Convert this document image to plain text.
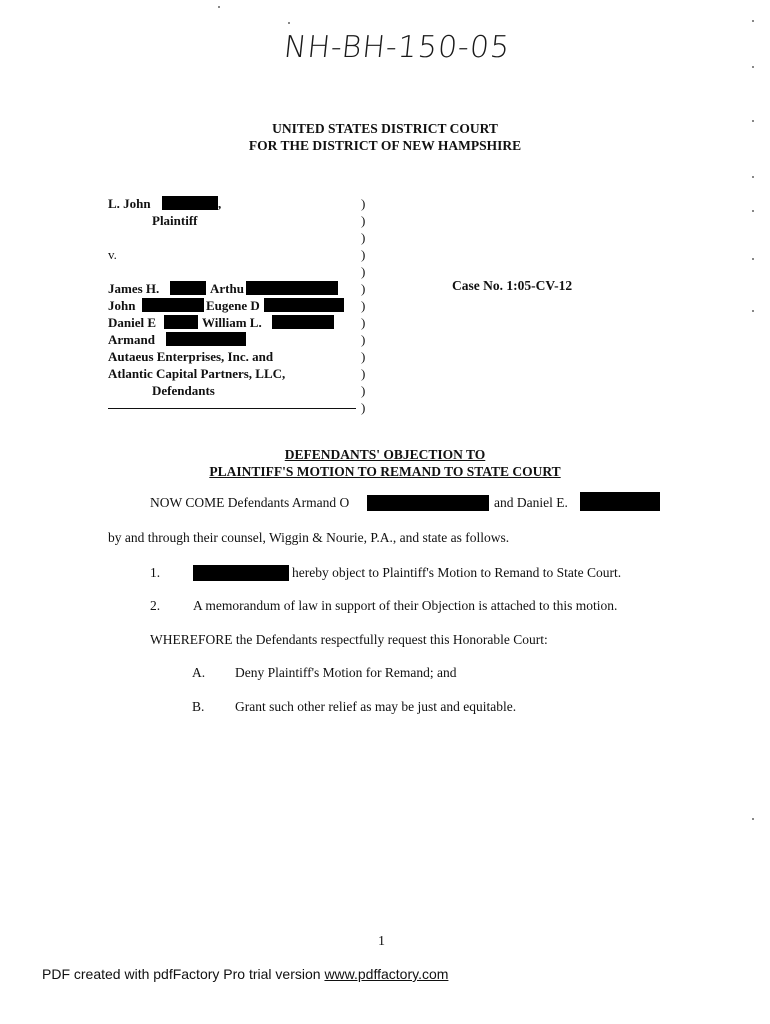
NH-BH-150-05
UNITED STATES DISTRICT COURT
FOR THE DISTRICT OF NEW HAMPSHIRE
L. John	,
Plaintiff
v.
James H.	Arthu
John	Eugene D
Daniel E	William L.
Armand
Autaeus Enterprises, Inc. and
Atlantic Capital Partners, LLC,
Defendants
)
)
)
)
)
)
)
)
)
)
)
)
)
Case No. 1:05-CV-12
DEFENDANTS' OBJECTION TO
PLAINTIFF'S MOTION TO REMAND TO STATE COURT
NOW COME Defendants Armand O	and Daniel E.
by and through their counsel, Wiggin & Nourie, P.A., and state as follows.
1.	hereby object to Plaintiff's Motion to Remand to State Court.
2. A memorandum of law in support of their Objection is attached to this motion.
WHEREFORE the Defendants respectfully request this Honorable Court:
A. Deny Plaintiff's Motion for Remand; and
B. Grant such other relief as may be just and equitable.
1
PDF created with pdfFactory Pro trial version www.pdffactory.com
